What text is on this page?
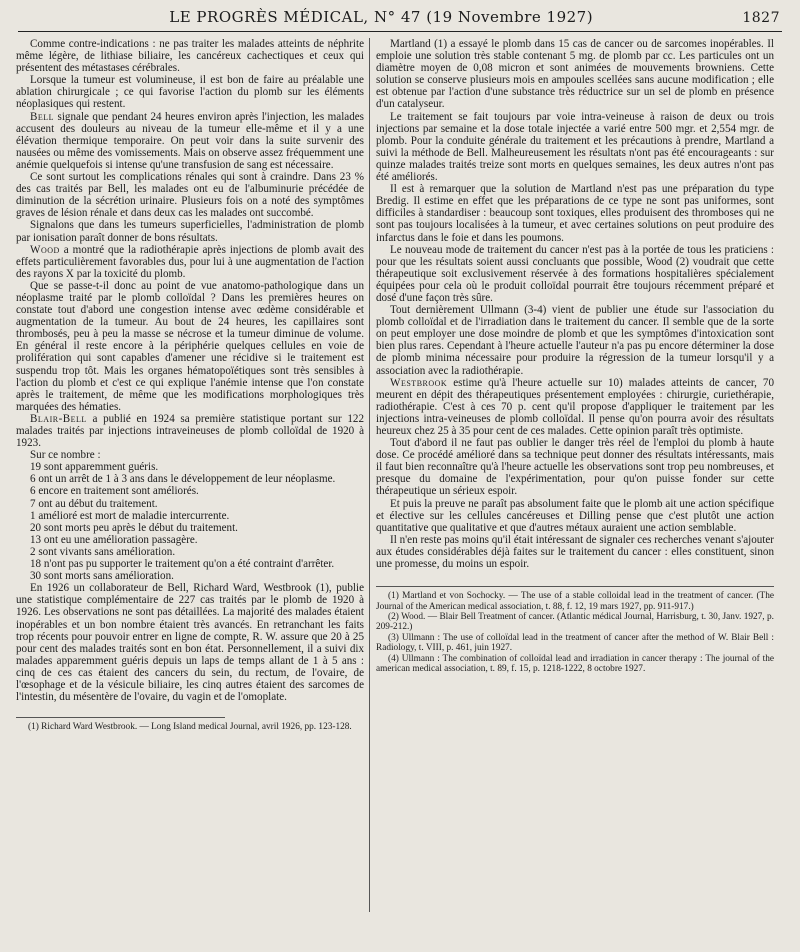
LE PROGRÈS MÉDICAL, N° 47 (19 Novembre 1927)	1827

Comme contre-indications : ne pas traiter les malades atteints de néphrite même légère, de lithiase biliaire, les cancéreux cachectiques et ceux qui présentent des métastases cérébrales.

Lorsque la tumeur est volumineuse, il est bon de faire au préalable une ablation chirurgicale ; ce qui favorise l'action du plomb sur les éléments néoplasiques qui restent.

Bell signale que pendant 24 heures environ après l'injection, les malades accusent des douleurs au niveau de la tumeur elle-même et il y a une élévation thermique temporaire. On peut voir dans la suite survenir des nausées ou même des vomissements. Mais on observe assez fréquemment une anémie quelquefois si intense qu'une transfusion de sang est nécessaire.

Ce sont surtout les complications rénales qui sont à craindre. Dans 23 % des cas traités par Bell, les malades ont eu de l'albuminurie précédée de diminution de la sécrétion urinaire. Plusieurs fois on a noté des symptômes graves de lésion rénale et dans deux cas les malades ont succombé.

Signalons que dans les tumeurs superficielles, l'administration de plomb par ionisation paraît donner de bons résultats.

Wood a montré que la radiothérapie après injections de plomb avait des effets particulièrement favorables dus, pour lui à une augmentation de l'action des rayons X par la toxicité du plomb.

Que se passe-t-il donc au point de vue anatomo-pathologique dans un néoplasme traité par le plomb colloïdal ? Dans les premières heures on constate tout d'abord une congestion intense avec œdème considérable et augmentation de la tumeur. Au bout de 24 heures, les capillaires sont thrombosés, peu à peu la masse se nécrose et la tumeur diminue de volume. En général il reste encore à la périphérie quelques cellules en voie de prolifération qui sont capables d'amener une récidive si le traitement est suspendu trop tôt. Mais les organes hématopoïétiques sont très sensibles à l'action du plomb et c'est ce qui explique l'anémie intense que l'on constate après le traitement, de même que les modifications morphologiques très marquées des hématies.

Blair-Bell a publié en 1924 sa première statistique portant sur 122 malades traités par injections intraveineuses de plomb colloïdal de 1920 à 1923.

Sur ce nombre :

19 sont apparemment guéris.

6 ont un arrêt de 1 à 3 ans dans le développement de leur néoplasme.

6 encore en traitement sont améliorés.

7 ont au début du traitement.

1 amélioré est mort de maladie intercurrente.

20 sont morts peu après le début du traitement.

13 ont eu une amélioration passagère.

2 sont vivants sans amélioration.

18 n'ont pas pu supporter le traitement qu'on a été contraint d'arrêter.

30 sont morts sans amélioration.

En 1926 un collaborateur de Bell, Richard Ward, Westbrook (1), publie une statistique complémentaire de 227 cas traités par le plomb de 1920 à 1926. Les observations ne sont pas détaillées. La majorité des malades étaient inopérables et un bon nombre étaient très avancés. En retranchant les faits trop récents pour pouvoir entrer en ligne de compte, R. W. assure que 20 à 25 pour cent des malades traités sont en bon état. Personnellement, il a suivi dix malades apparemment guéris depuis un laps de temps allant de 1 à 5 ans : cinq de ces cas étaient des cancers du sein, du rectum, de l'ovaire, de l'œsophage et de la vésicule biliaire, les cinq autres étaient des sarcomes de l'intestin, du mésentère de l'ovaire, du vagin et de l'omoplate.

(1) Richard Ward Westbrook. — Long Island medical Journal, avril 1926, pp. 123-128.

Martland (1) a essayé le plomb dans 15 cas de cancer ou de sarcomes inopérables. Il emploie une solution très stable contenant 5 mg. de plomb par cc. Les particules ont un diamètre moyen de 0,08 micron et sont animées de mouvements browniens. Cette solution se conserve plusieurs mois en ampoules scellées sans aucune modification ; elle est obtenue par l'action d'une substance très réductrice sur un sel de plomb en présence d'un catalyseur.

Le traitement se fait toujours par voie intra-veineuse à raison de deux ou trois injections par semaine et la dose totale injectée a varié entre 500 mgr. et 2,554 mgr. de plomb. Pour la conduite générale du traitement et les précautions à prendre, Martland a suivi la méthode de Bell. Malheureusement les résultats n'ont pas été encourageants : sur quinze malades traités treize sont morts en quelques semaines, les deux autres n'ont pas été améliorés.

Il est à remarquer que la solution de Martland n'est pas une préparation du type Bredig. Il estime en effet que les préparations de ce type ne sont pas uniformes, sont difficiles à standardiser : beaucoup sont toxiques, elles produisent des thromboses qui ne sont pas toujours localisées à la tumeur, et avec certaines solutions on peut produire des infarctus dans le foie et dans les poumons.

Le nouveau mode de traitement du cancer n'est pas à la portée de tous les praticiens : pour que les résultats soient aussi concluants que possible, Wood (2) voudrait que cette thérapeutique soit exclusivement réservée à des formations hospitalières spécialement équipées pour cela où le produit colloïdal pourrait être toujours récemment préparé et dosé d'une façon très sûre.

Tout dernièrement Ullmann (3-4) vient de publier une étude sur l'association du plomb colloïdal et de l'irradiation dans le traitement du cancer. Il semble que de la sorte on peut employer une dose moindre de plomb et que les symptômes d'intoxication sont bien plus rares. Cependant à l'heure actuelle l'auteur n'a pas pu encore déterminer la dose de plomb minima nécessaire pour produire la régression de la tumeur lorsqu'il y a association avec la radiothérapie.

Westbrook estime qu'à l'heure actuelle sur 10) malades atteints de cancer, 70 meurent en dépit des thérapeutiques présentement employées : chirurgie, curiethérapie, radiothérapie. C'est à ces 70 p. cent qu'il propose d'appliquer le traitement par les injections intra-veineuses de plomb colloïdal. Il pense qu'on pourra avoir des résultats heureux chez 25 à 35 pour cent de ces malades. Cette opinion paraît très optimiste.

Tout d'abord il ne faut pas oublier le danger très réel de l'emploi du plomb à haute dose. Ce procédé amélioré dans sa technique peut donner des résultats intéressants, mais il faut bien reconnaître qu'à l'heure actuelle les observations sont trop peu nombreuses, et presque du domaine de l'expérimentation, pour qu'on puisse fonder sur cette thérapeutique un sérieux espoir.

Et puis la preuve ne paraît pas absolument faite que le plomb ait une action spécifique et élective sur les cellules cancéreuses et Dilling pense que c'est plutôt une action quantitative que qualitative et que d'autres métaux auraient une action semblable.

Il n'en reste pas moins qu'il était intéressant de signaler ces recherches venant s'ajouter aux études considérables déjà faites sur le traitement du cancer : elles constituent, sinon une promesse, du moins un espoir.

(1) Martland et von Sochocky. — The use of a stable colloidal lead in the treatment of cancer. (The Journal of the American medical association, t. 88, f. 12, 19 mars 1927, pp. 911-917.)

(2) Wood. — Blair Bell Treatment of cancer. (Atlantic médical Journal, Harrisburg, t. 30, Janv. 1927, p. 209-212.)

(3) Ullmann : The use of colloïdal lead in the treatment of cancer after the method of W. Blair Bell : Radiology, t. VIII, p. 461, juin 1927.

(4) Ullmann : The combination of colloïdal lead and irradiation in cancer therapy : The journal of the american medical association, t. 89, f. 15, p. 1218-1222, 8 octobre 1927.
